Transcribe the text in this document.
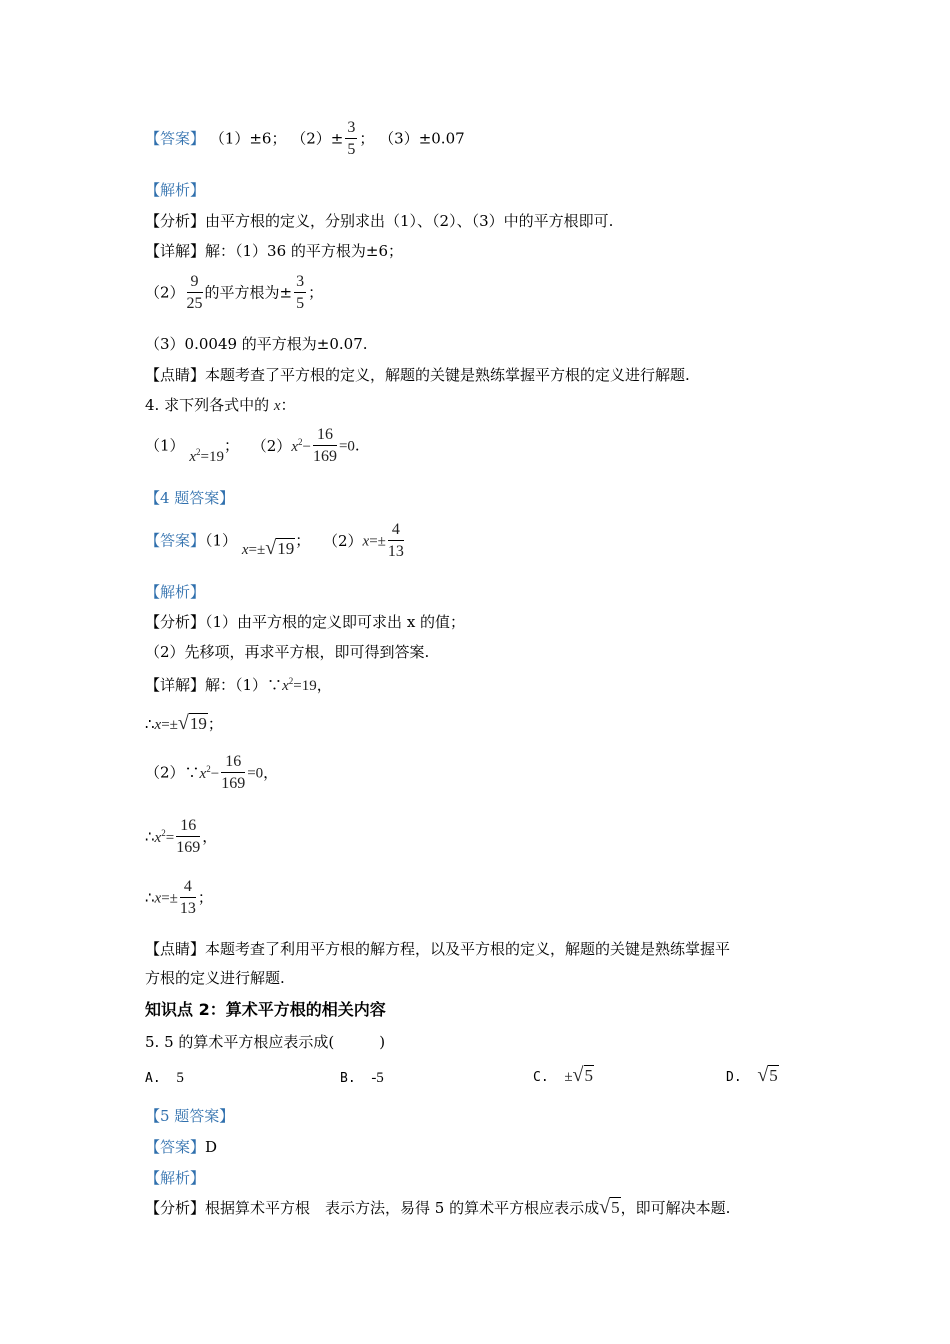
【答案】 （1）±6； $(2)\pm \frac{3}{5}$ ； （3）±0.07
【解析】
【分析】由平方根的定义，分别求出（1）、（2）、（3）中的平方根即可.
【详解】解：（1）36 的平方根为±6；
$(2) \frac{9}{25}$ 的平方根为± $\frac{3}{5}$ ；
（3）0.0049 的平方根为±0.07.
【点睛】本题考查了平方根的定义，解题的关键是熟练掌握平方根的定义进行解题.
4. 求下列各式中的 x：
（1） $x^2=19$； $(2)x^2- \frac{16}{169} =0$.
【4 题答案】
【答案】（1） x=±√19； $(2)x=\pm \frac{4}{13}$
【解析】
【分析】（1）由平方根的定义即可求出 x 的值；
（2）先移项，再求平方根，即可得到答案.
【详解】解：$(1)\because x^2=19$，
∴x=±√19；
$(2)\because x^2- \frac{16}{169} =0$，
$\therefore x^2= \frac{16}{169}$ ，
∴x=± $\frac{4}{13}$ ；
【点睛】本题考查了利用平方根的解方程，以及平方根的定义，解题的关键是熟练掌握平
方根的定义进行解题.
知识点 2：算术平方根的相关内容
5. 5 的算术平方根应表示成(　　　)
A. 5	B. -5	C. ±√5	D. √5
【5 题答案】
【答案】D
【解析】
【分析】根据算术平方根　表示方法，易得 5 的算术平方根应表示成√5，即可解决本题.
